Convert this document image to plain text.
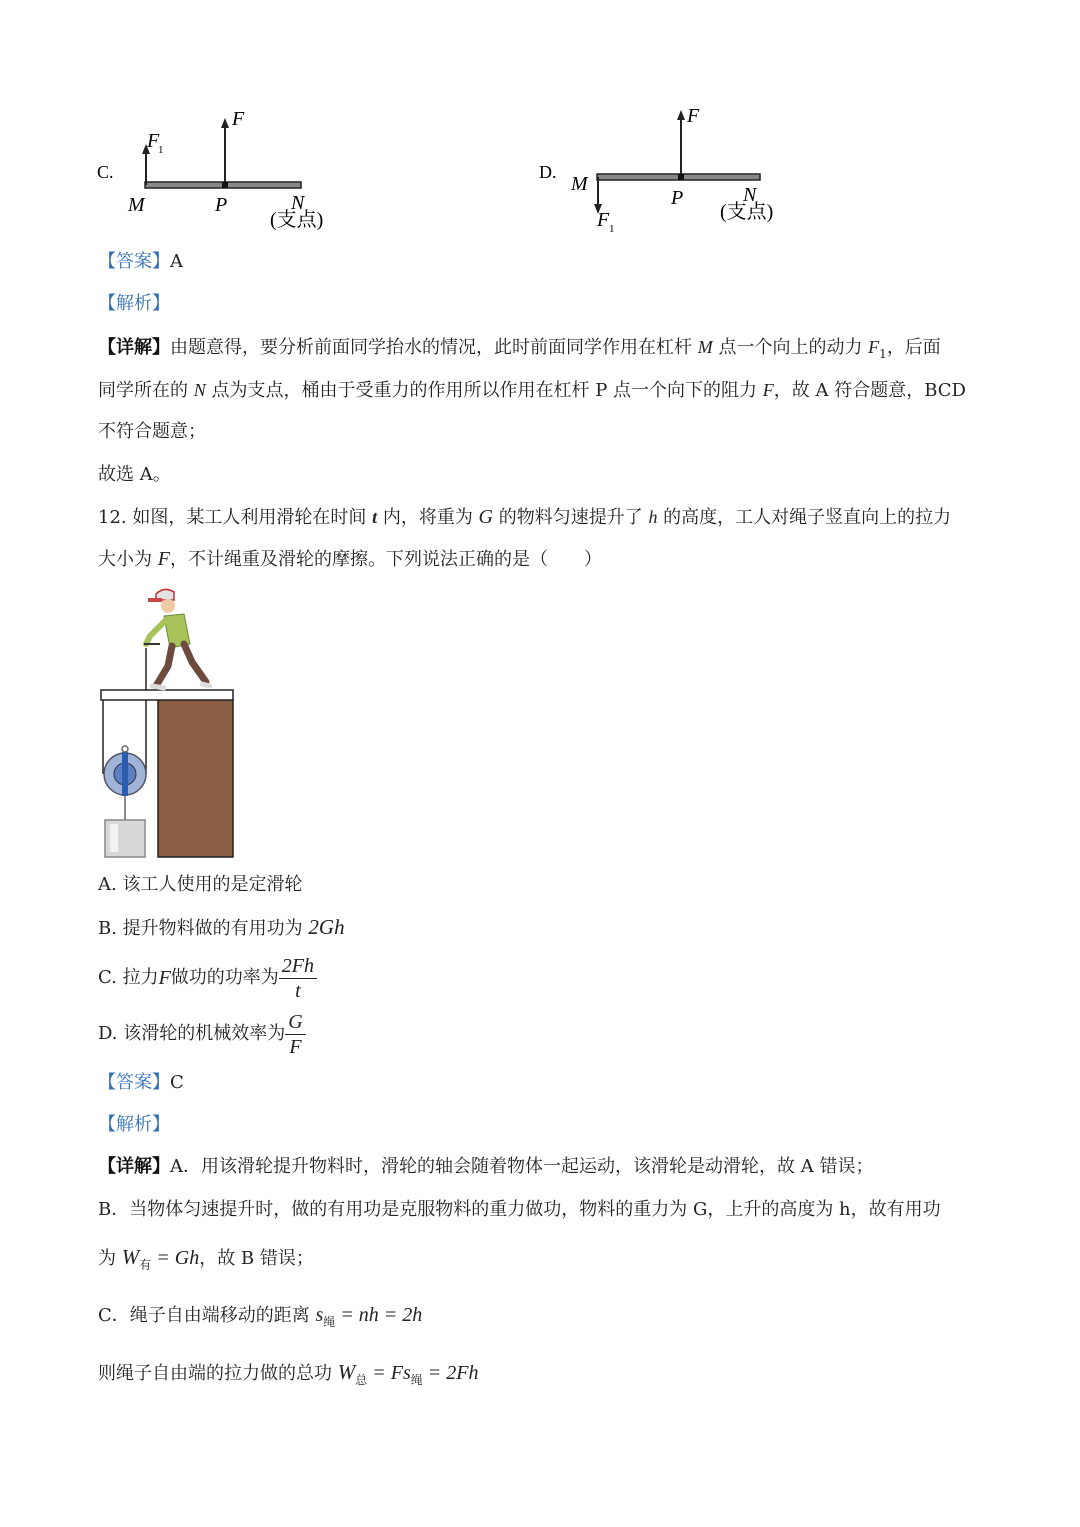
C.
F
1
F
M	P	N
(支点)
D.
F
F 1
M
P	N
(支点)
【答案】A
【解析】
【详解】由题意得，要分析前面同学抬水的情况，此时前面同学作用在杠杆 M 点一个向上的动力 $F_1$，后面
同学所在的 N 点为支点，桶由于受重力的作用所以作用在杠杆 P 点一个向下的阻力 F，故 A 符合题意，BCD
不符合题意；
故选 A。
12. 如图，某工人利用滑轮在时间 t 内，将重为 G 的物料匀速提升了 h 的高度，工人对绳子竖直向上的拉力
大小为 F，不计绳重及滑轮的摩擦。下列说法正确的是（　　）
A. 该工人使用的是定滑轮
B. 提升物料做的有用功为 2Gh
C. 拉力 F 做功的功率为 $\frac{2Fh}{t}$
D. 该滑轮的机械效率为 $\frac{G}{F}$
【答案】C
【解析】
【详解】A．用该滑轮提升物料时，滑轮的轴会随着物体一起运动，该滑轮是动滑轮，故 A 错误；
B．当物体匀速提升时，做的有用功是克服物料的重力做功，物料的重力为 G，上升的高度为 h，故有用功
为 $W_有 = Gh$，故 B 错误；
C．绳子自由端移动的距离 $s_绳$ = nh = 2h
则绳子自由端的拉力做的总功 $W_总 = Fs_绳 = 2Fh$
